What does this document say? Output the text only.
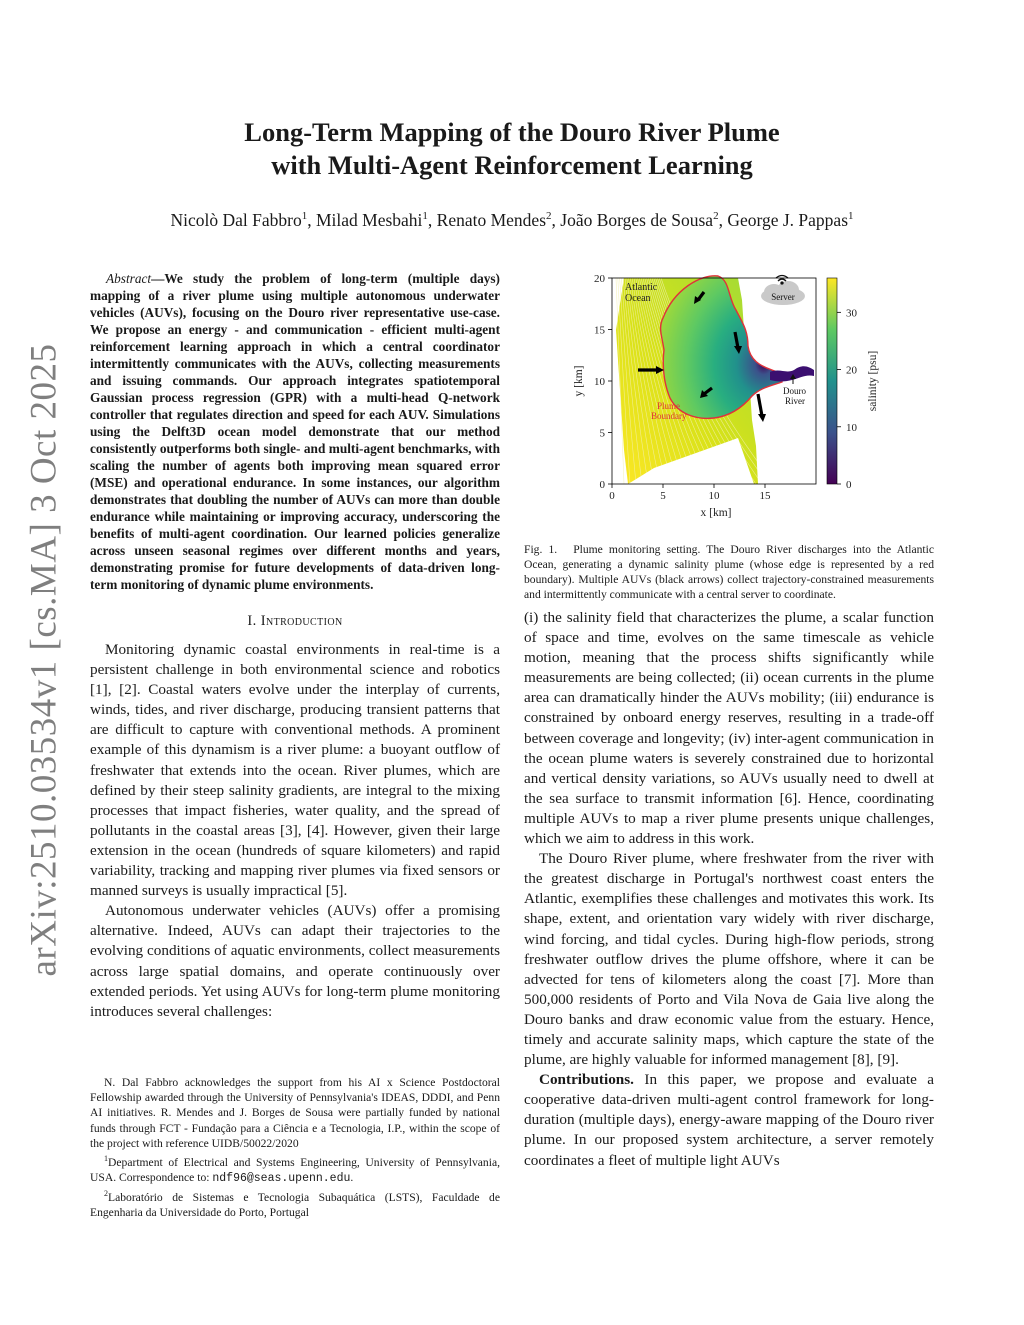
arXiv:2510.03534v1 [cs.MA] 3 Oct 2025
Long-Term Mapping of the Douro River Plume
with Multi-Agent Reinforcement Learning
Nicolò Dal Fabbro$^1$, Milad Mesbahi$^1$, Renato Mendes$^2$, João Borges de Sousa$^2$, George J. Pappas$^1$

Abstract—We study the problem of long-term (multiple days) mapping of a river plume using multiple autonomous underwater vehicles (AUVs), focusing on the Douro river representative use-case. We propose an energy - and communication - efficient multi-agent reinforcement learning approach in which a central coordinator intermittently communicates with the AUVs, collecting measurements and issuing commands. Our approach integrates spatiotemporal Gaussian process regression (GPR) with a multi-head Q-network controller that regulates direction and speed for each AUV. Simulations using the Delft3D ocean model demonstrate that our method consistently outperforms both single- and multi-agent benchmarks, with scaling the number of agents both improving mean squared error (MSE) and operational endurance. In some instances, our algorithm demonstrates that doubling the number of AUVs can more than double endurance while maintaining or improving accuracy, underscoring the benefits of multi-agent coordination. Our learned policies generalize across unseen seasonal regimes over different months and years, demonstrating promise for future developments of data-driven long-term monitoring of dynamic plume environments.

I. Introduction

Monitoring dynamic coastal environments in real-time is a persistent challenge in both environmental science and robotics [1], [2]. Coastal waters evolve under the interplay of currents, winds, tides, and river discharge, producing transient patterns that are difficult to capture with conventional methods. A prominent example of this dynamism is a river plume: a buoyant outflow of freshwater that extends into the ocean. River plumes, which are defined by their steep salinity gradients, are integral to the mixing processes that impact fisheries, water quality, and the spread of pollutants in the coastal areas [3], [4]. However, given their large extension in the ocean (hundreds of square kilometers) and rapid variability, tracking and mapping river plumes via fixed sensors or manned surveys is usually impractical [5].

Autonomous underwater vehicles (AUVs) offer a promising alternative. Indeed, AUVs can adapt their trajectories to the evolving conditions of aquatic environments, collect measurements across large spatial domains, and operate continuously over extended periods. Yet using AUVs for long-term plume monitoring introduces several challenges:

N. Dal Fabbro acknowledges the support from his AI x Science Postdoctoral Fellowship awarded through the University of Pennsylvania's IDEAS, DDDI, and Penn AI initiatives. R. Mendes and J. Borges de Sousa were partially funded by national funds through FCT - Fundação para a Ciência e a Tecnologia, I.P., within the scope of the project with reference UIDB/50022/2020

$^1$Department of Electrical and Systems Engineering, University of Pennsylvania, USA. Correspondence to: ndf96@seas.upenn.edu.

$^2$Laboratório de Sistemas e Tecnologia Subaquática (LSTS), Faculdade de Engenharia da Universidade do Porto, Portugal

Atlantic
Ocean
Plume
Boundary
Douro
River
Server
0	5	10	15
0
5
10
15
20
x [km]
y [km]
0
10
20
30
salinity [psu]

Fig. 1. Plume monitoring setting. The Douro River discharges into the Atlantic Ocean, generating a dynamic salinity plume (whose edge is represented by a red boundary). Multiple AUVs (black arrows) collect trajectory-constrained measurements and intermittently communicate with a central server to coordinate.

(i) the salinity field that characterizes the plume, a scalar function of space and time, evolves on the same timescale as vehicle motion, meaning that the process shifts significantly while measurements are being collected; (ii) ocean currents in the plume area can dramatically hinder the AUVs mobility; (iii) endurance is constrained by onboard energy reserves, resulting in a trade-off between coverage and longevity; (iv) inter-agent communication in the ocean plume waters is severely constrained due to horizontal and vertical density variations, so AUVs usually need to dwell at the sea surface to transmit information [6]. Hence, coordinating multiple AUVs to map a river plume presents unique challenges, which we aim to address in this work.

The Douro River plume, where freshwater from the river with the greatest discharge in Portugal's northwest coast enters the Atlantic, exemplifies these challenges and motivates this work. Its shape, extent, and orientation vary widely with river discharge, wind forcing, and tidal cycles. During high-flow periods, strong freshwater outflow drives the plume offshore, where it can be advected for tens of kilometers along the coast [7]. More than 500,000 residents of Porto and Vila Nova de Gaia live along the Douro banks and draw economic value from the estuary. Hence, timely and accurate salinity maps, which capture the state of the plume, are highly valuable for informed management [8], [9].

Contributions. In this paper, we propose and evaluate a cooperative data-driven multi-agent control framework for long-duration (multiple days), energy-aware mapping of the Douro river plume. In our proposed system architecture, a server remotely coordinates a fleet of multiple light AUVs
